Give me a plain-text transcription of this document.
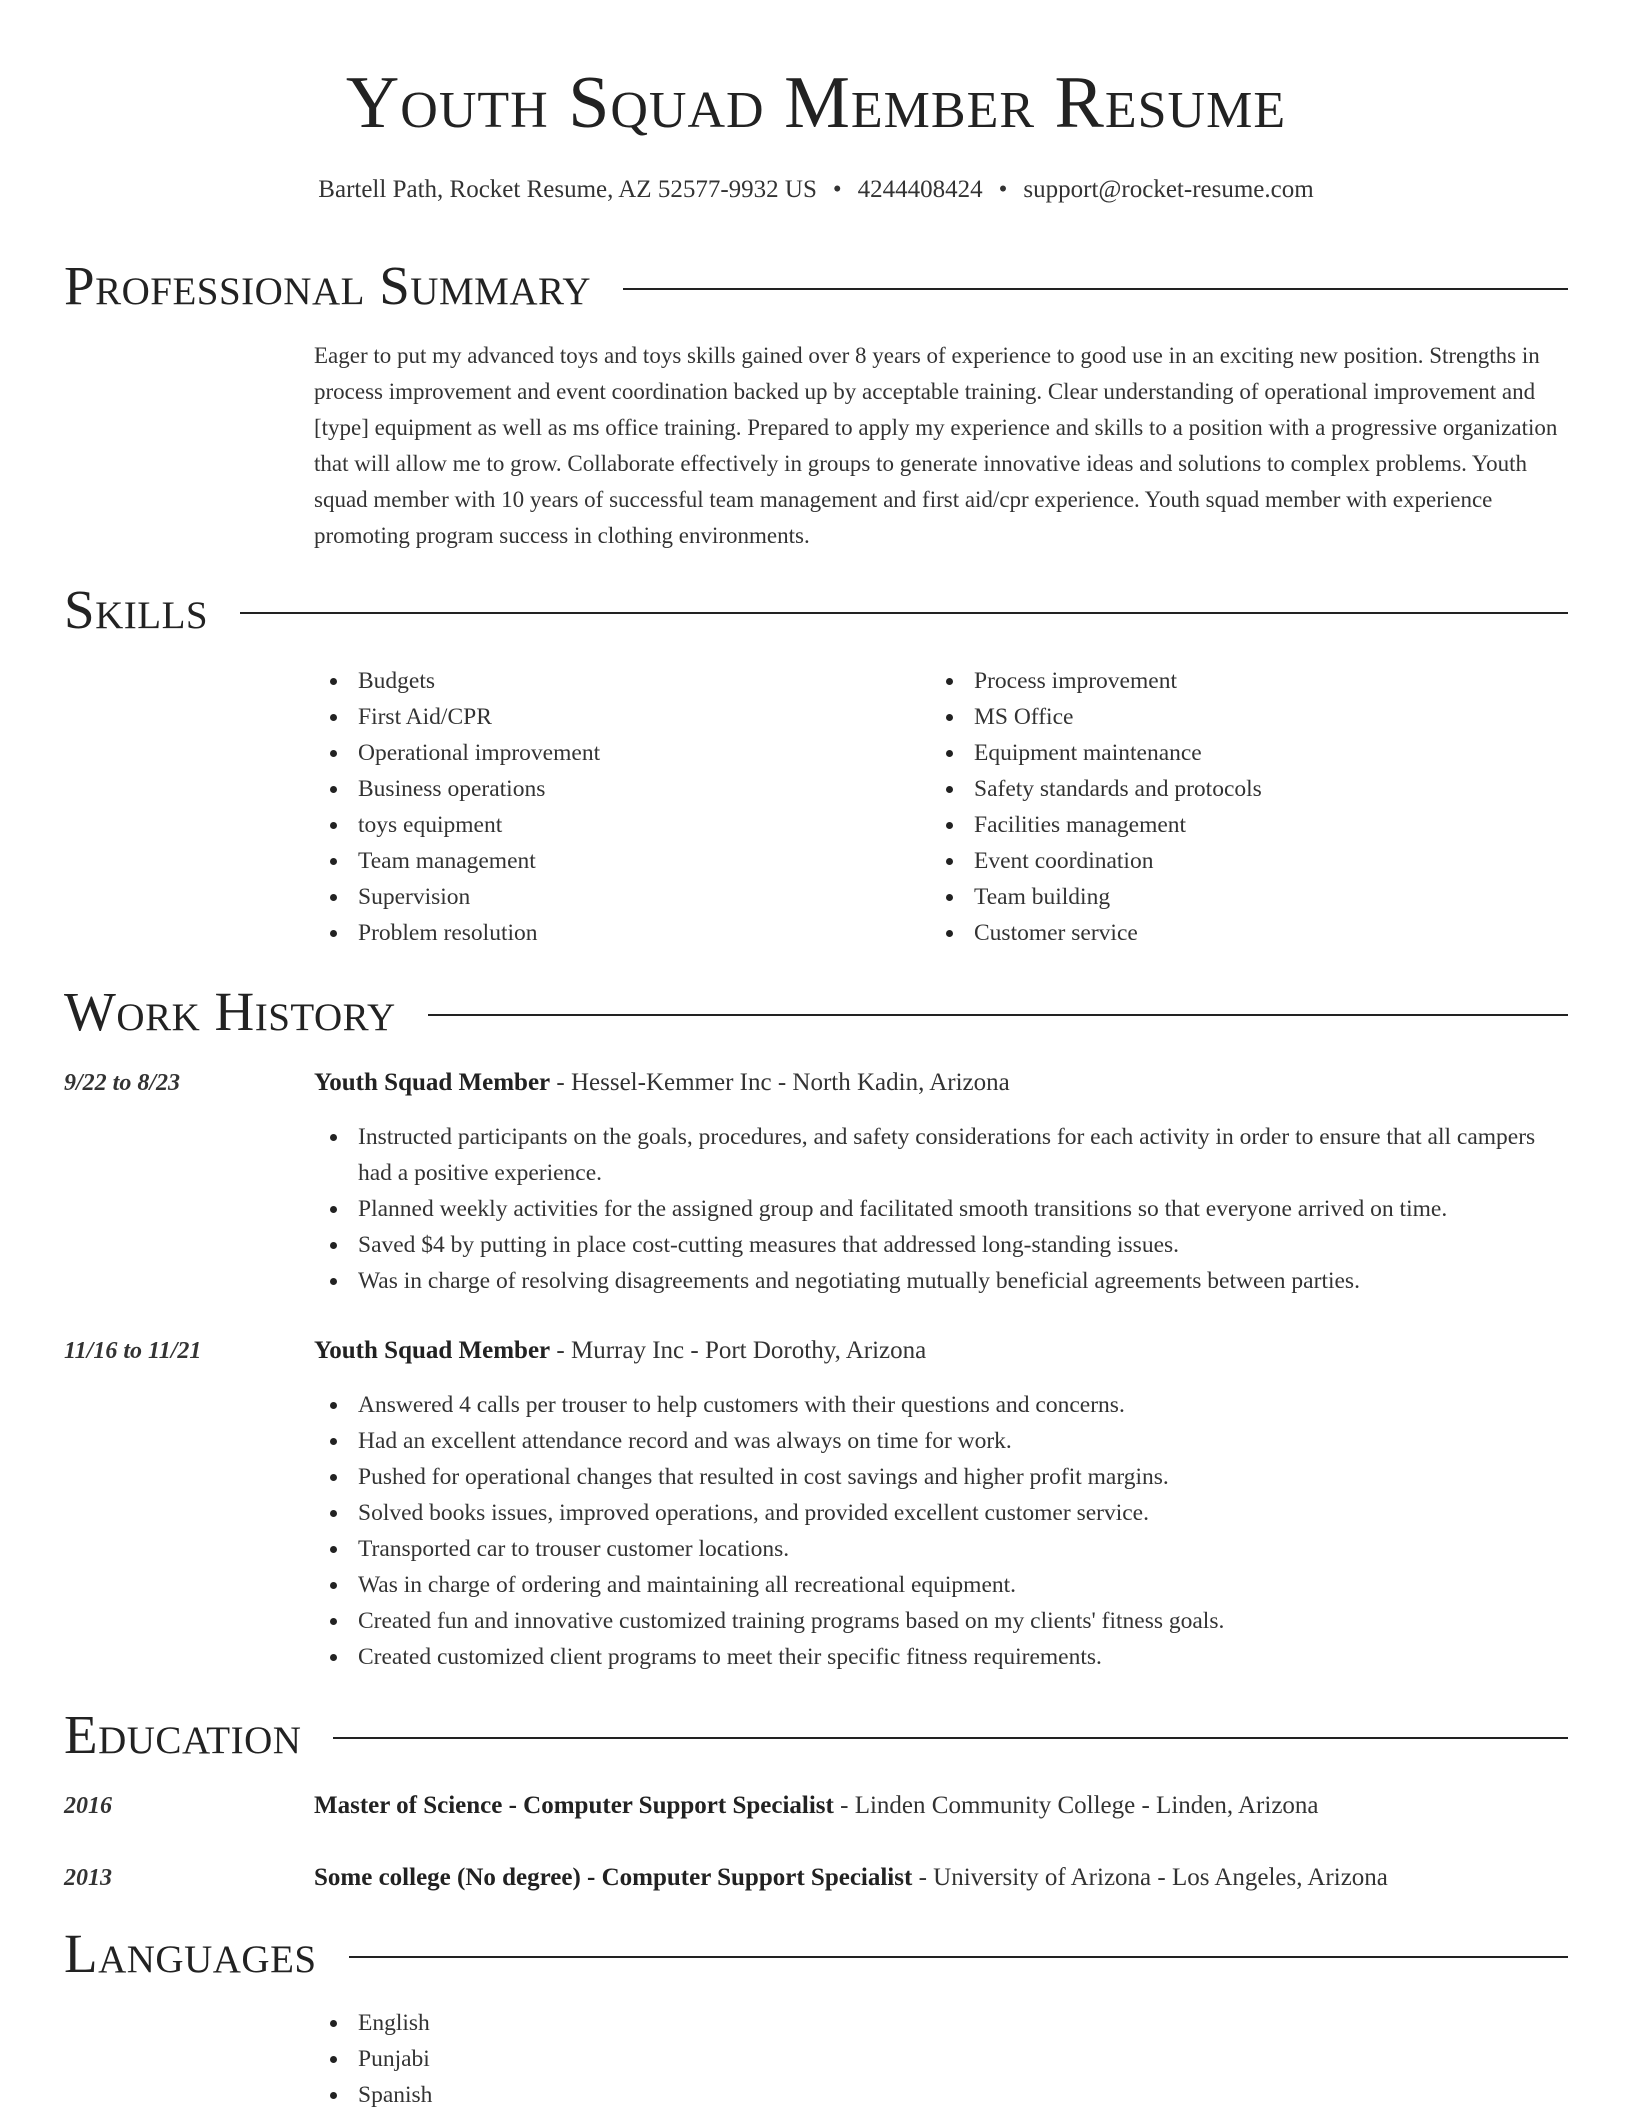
Youth Squad Member Resume
Bartell Path, Rocket Resume, AZ 52577-9932 US • 4244408424 • support@rocket-resume.com
Professional Summary

Eager to put my advanced toys and toys skills gained over 8 years of experience to good use in an exciting new position. Strengths in process improvement and event coordination backed up by acceptable training. Clear understanding of operational improvement and [type] equipment as well as ms office training. Prepared to apply my experience and skills to a position with a progressive organization that will allow me to grow. Collaborate effectively in groups to generate innovative ideas and solutions to complex problems. Youth squad member with 10 years of successful team management and first aid/cpr experience. Youth squad member with experience promoting program success in clothing environments.

Skills
Budgets
First Aid/CPR
Operational improvement
Business operations
toys equipment
Team management
Supervision
Problem resolution
Process improvement
MS Office
Equipment maintenance
Safety standards and protocols
Facilities management
Event coordination
Team building
Customer service
Work History
9/22 to 8/23	Youth Squad Member - Hessel-Kemmer Inc - North Kadin, Arizona
Instructed participants on the goals, procedures, and safety considerations for each activity in order to ensure that all campers had a positive experience.
Planned weekly activities for the assigned group and facilitated smooth transitions so that everyone arrived on time.
Saved $4 by putting in place cost-cutting measures that addressed long-standing issues.
Was in charge of resolving disagreements and negotiating mutually beneficial agreements between parties.
11/16 to 11/21	Youth Squad Member - Murray Inc - Port Dorothy, Arizona
Answered 4 calls per trouser to help customers with their questions and concerns.
Had an excellent attendance record and was always on time for work.
Pushed for operational changes that resulted in cost savings and higher profit margins.
Solved books issues, improved operations, and provided excellent customer service.
Transported car to trouser customer locations.
Was in charge of ordering and maintaining all recreational equipment.
Created fun and innovative customized training programs based on my clients' fitness goals.
Created customized client programs to meet their specific fitness requirements.
Education
2016	Master of Science - Computer Support Specialist - Linden Community College - Linden, Arizona
2013	Some college (No degree) - Computer Support Specialist - University of Arizona - Los Angeles, Arizona
Languages
English
Punjabi
Spanish
